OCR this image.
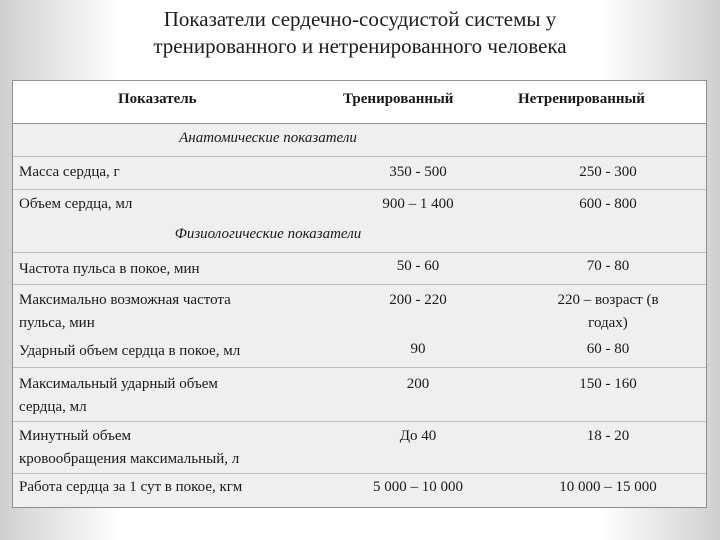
Показатели сердечно-сосудистой системы у
тренированного и нетренированного человека
Показатель	Тренированный	Нетренированный
Анатомические показатели
Масса сердца, г	350 - 500	250 - 300
Объем сердца, мл	900 – 1 400	600 - 800
Физиологические показатели
Частота пульса в покое, мин	50 - 60	70 - 80
Максимально возможная частота
пульса, мин
200 - 220	220 – возраст (в
годах)
Ударный объем сердца в покое, мл	90	60 - 80
Максимальный ударный объем
сердца, мл
200	150 - 160
Минутный объем
кровообращения максимальный, л
До 40	18 - 20
Работа сердца за 1 сут в покое, кгм	5 000 – 10 000	10 000 – 15 000
